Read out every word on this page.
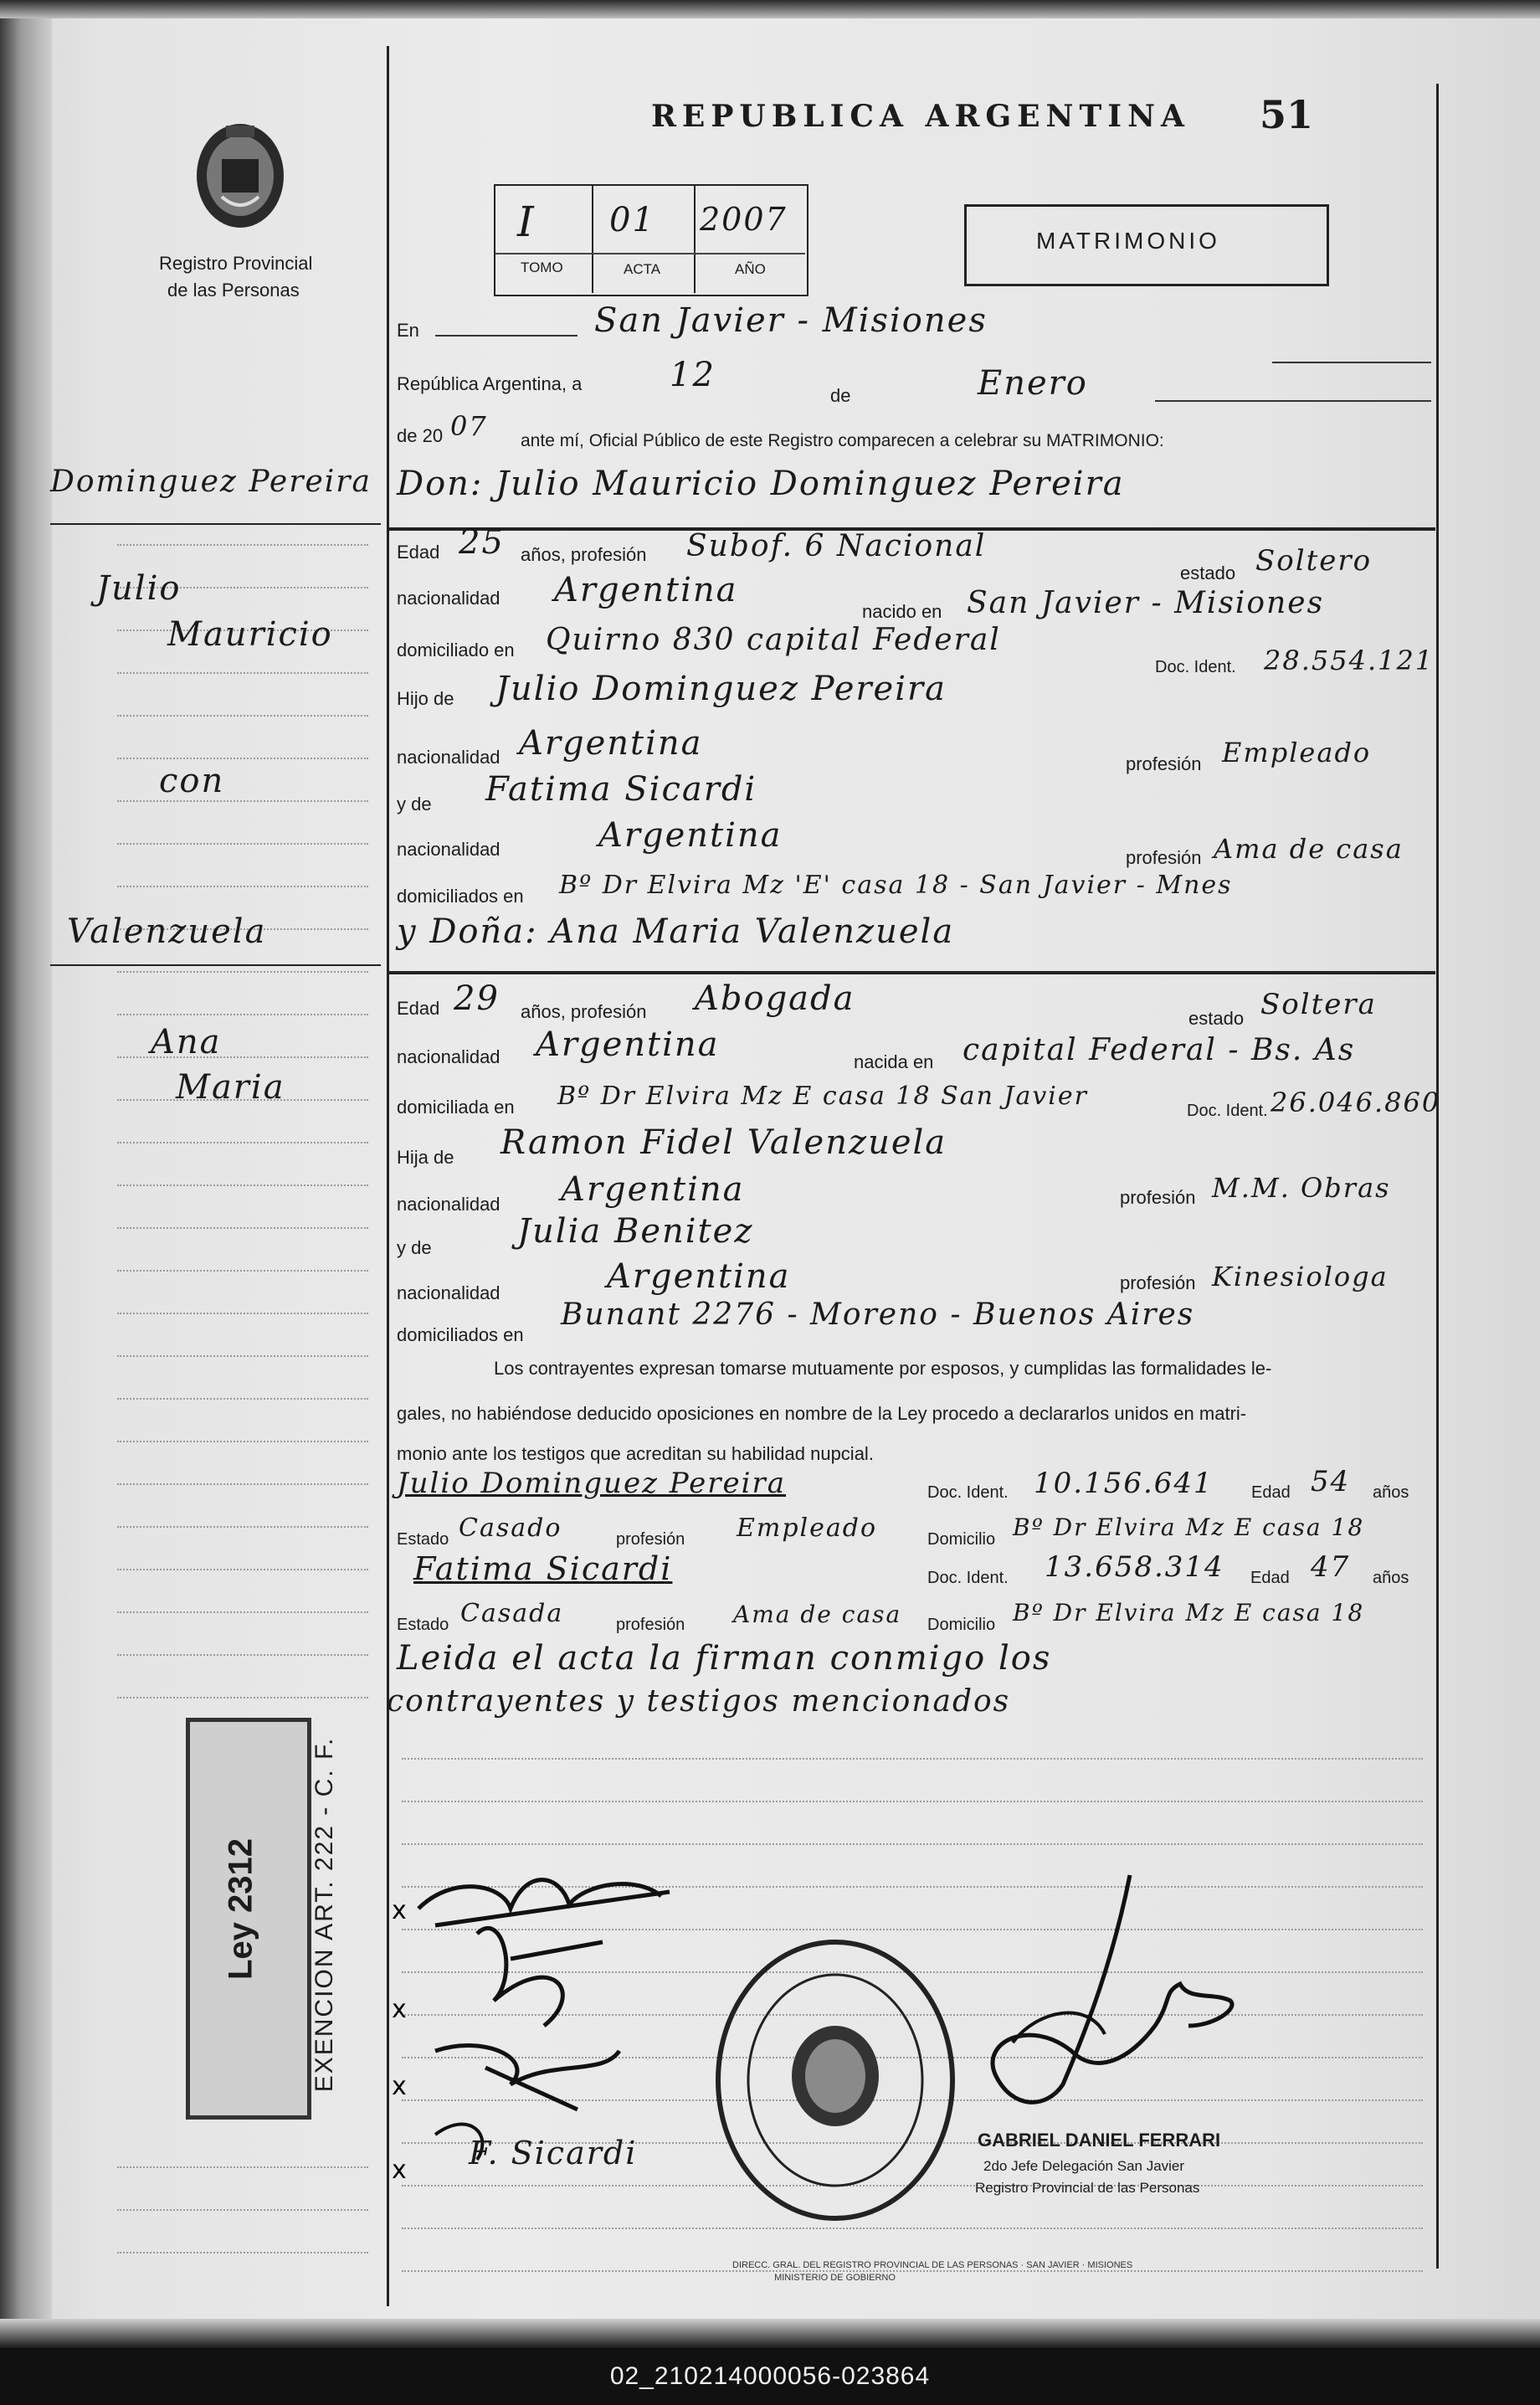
Registro Provincial
de las Personas
REPUBLICA ARGENTINA 51
I 01 2007
TOMO	ACTA	AÑO
MATRIMONIO
En	San Javier - Misiones
República Argentina, a	12
de	Enero
de 20 07 ante mí, Oficial Público de este Registro comparecen a celebrar su MATRIMONIO:
Don: Julio Mauricio Dominguez Pereira
Edad 25 años, profesión Subof. 6 Nacional
estado Soltero
nacionalidad Argentina
nacido en San Javier - Misiones
domiciliado en Quirno 830 capital Federal
Doc. Ident. 28.554.121
Hijo de Julio Dominguez Pereira
nacionalidad Argentina
profesión Empleado
y de Fatima Sicardi
nacionalidad	Argentina
profesión Ama de casa
domiciliados en Bº Dr Elvira Mz 'E' casa 18 - San Javier - Mnes
y Doña: Ana Maria Valenzuela
Edad 29 años, profesión Abogada
estado Soltera
nacionalidad Argentina	nacida en capital Federal - Bs. As
domiciliada en Bº Dr Elvira Mz E casa 18 San Javier	Doc. Ident. 26.046.860
Hija de Ramon Fidel Valenzuela
nacionalidad Argentina	profesión M.M. Obras
y de	Julia Benitez
nacionalidad	Argentina	profesión Kinesiologa
domiciliados en
Bunant 2276 - Moreno - Buenos Aires
Los contrayentes expresan tomarse mutuamente por esposos, y cumplidas las formalidades le-
gales, no habiéndose deducido oposiciones en nombre de la Ley procedo a declararlos unidos en matri-
monio ante los testigos que acreditan su habilidad nupcial.
Julio Dominguez Pereira	Doc. Ident. 10.156.641 Edad 54 años
Estado Casado	profesión Empleado	Domicilio Bº Dr Elvira Mz E casa 18
Fatima Sicardi	Doc. Ident. 13.658.314 Edad 47 años
Estado Casada	profesión Ama de casa Domicilio Bº Dr Elvira Mz E casa 18
Leida el acta la firman conmigo los
contrayentes y testigos mencionados
Dominguez Pereira
Julio
Mauricio
con
Valenzuela
Ana
Maria
Ley 2312 EXENCION ART. 222 - C. F. x
x
x
x F. Sicardi
DIRECC. GRAL. DEL REGISTRO PROVINCIAL DE LAS PERSONAS · SAN JAVIER · MISIONES
MINISTERIO DE GOBIERNO
GABRIEL DANIEL FERRARI
2do Jefe Delegación San Javier
Registro Provincial de las Personas
02_210214000056-023864
